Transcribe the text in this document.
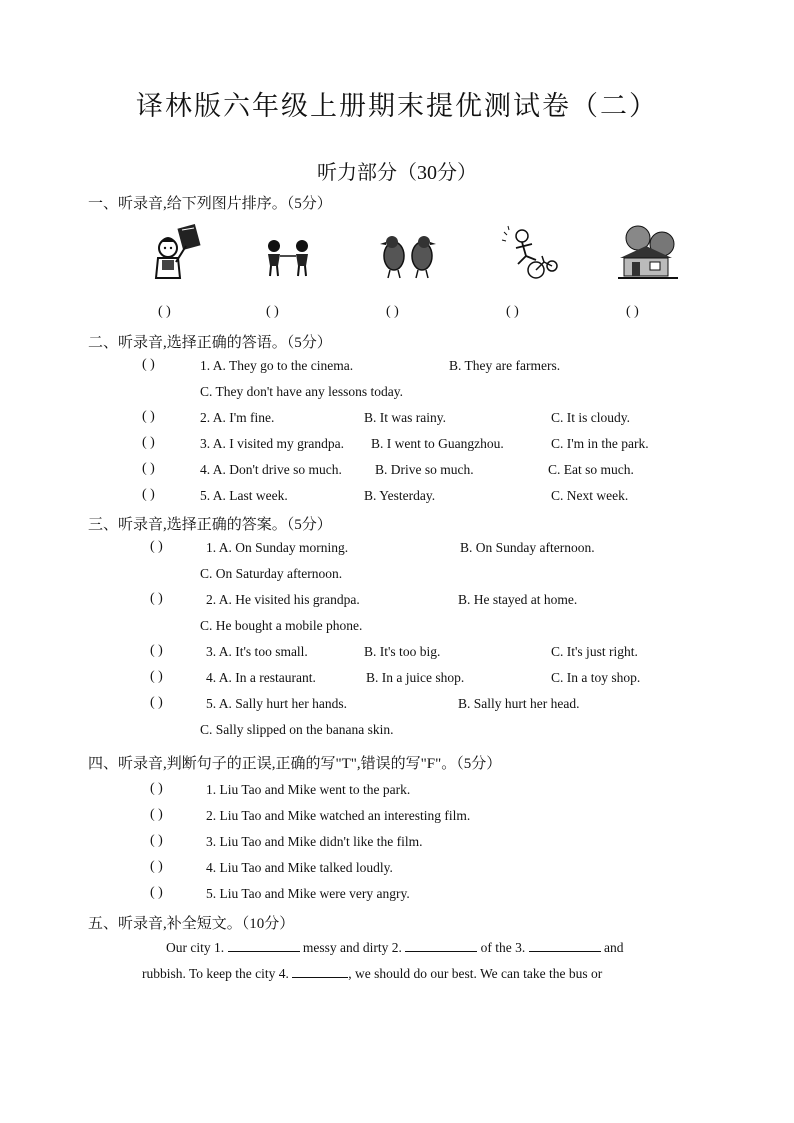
译林版六年级上册期末提优测试卷（二）
听力部分（30分）
一、听录音,给下列图片排序。（5分）
( )	( )	( )	( )	( )
二、听录音,选择正确的答语。（5分）
( )	1. A. They go to the cinema.	B. They are farmers.
C. They don't have any lessons today.
( )	2. A. I'm fine.	B. It was rainy.	C. It is cloudy.
( )	3. A. I visited my grandpa. B. I went to Guangzhou.	C. I'm in the park.
( )	4. A. Don't drive so much. B. Drive so much.	C. Eat so much.
( )	5. A. Last week.	B. Yesterday.	C. Next week.
三、听录音,选择正确的答案。（5分）
( )	1. A. On Sunday morning.	B. On Sunday afternoon.
C. On Saturday afternoon.
( )	2. A. He visited his grandpa.	B. He stayed at home.
C. He bought a mobile phone.
( )	3. A. It's too small.	B. It's too big.	C. It's just right.
( )	4. A. In a restaurant.	B. In a juice shop.	C. In a toy shop.
( )	5. A. Sally hurt her hands.	B. Sally hurt her head.
C. Sally slipped on the banana skin.
四、听录音,判断句子的正误,正确的写"T",错误的写"F"。（5分）
( )	1. Liu Tao and Mike went to the park.
( )	2. Liu Tao and Mike watched an interesting film.
( )	3. Liu Tao and Mike didn't like the film.
( )	4. Liu Tao and Mike talked loudly.
( )	5. Liu Tao and Mike were very angry.
五、听录音,补全短文。（10分）
Our city 1.	messy and dirty 2.	of the 3.	and
rubbish. To keep the city 4.	, we should do our best. We can take the bus or
